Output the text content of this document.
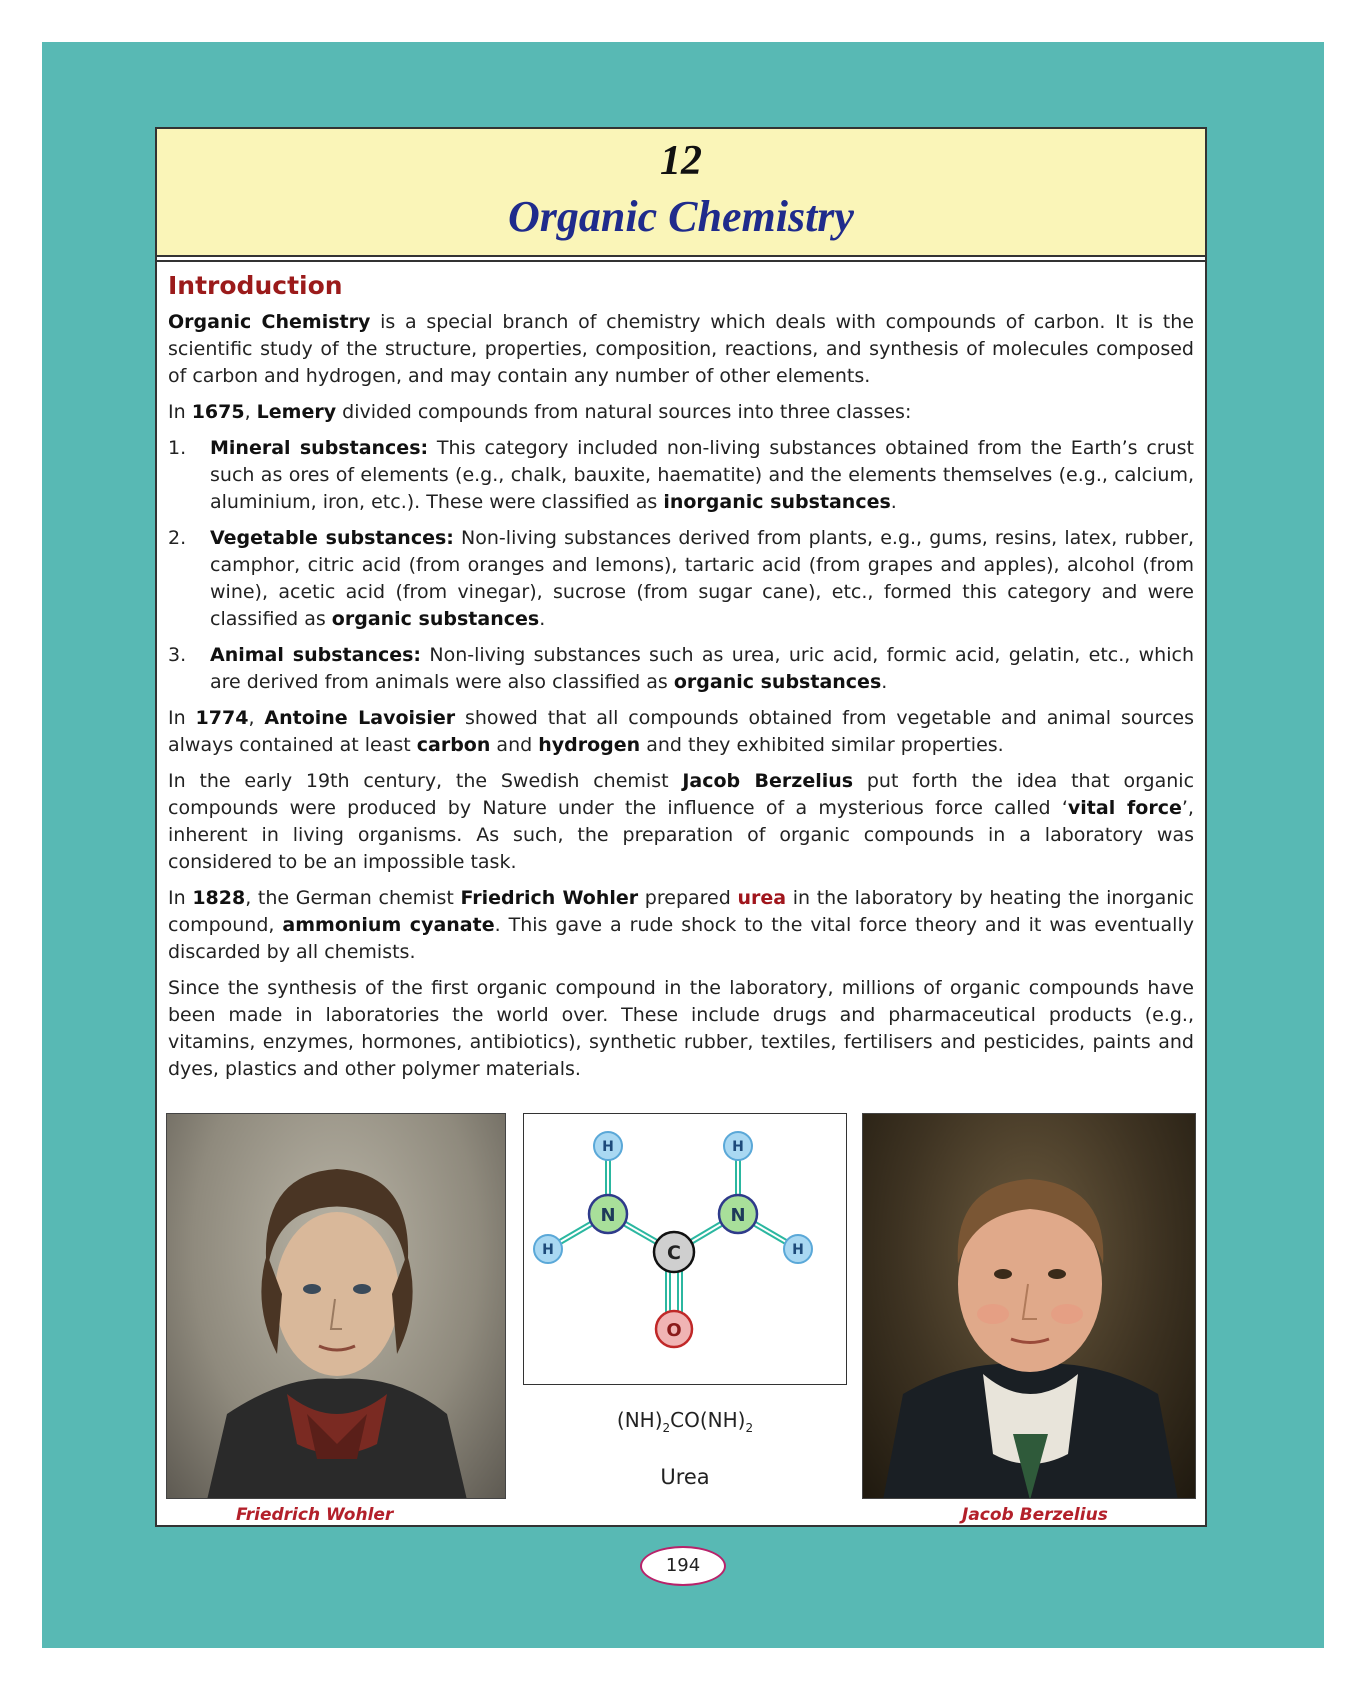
12
Organic Chemistry
Introduction

Organic Chemistry is a special branch of chemistry which deals with compounds of carbon. It is the scientific study of the structure, properties, composition, reactions, and synthesis of molecules composed of carbon and hydrogen, and may contain any number of other elements.

In 1675, Lemery divided compounds from natural sources into three classes:

1.	Mineral substances: This category included non-living substances obtained from the Earth’s crust such as ores of elements (e.g., chalk, bauxite, haematite) and the elements themselves (e.g., calcium, aluminium, iron, etc.). These were classified as inorganic substances.
2.	Vegetable substances: Non-living substances derived from plants, e.g., gums, resins, latex, rubber, camphor, citric acid (from oranges and lemons), tartaric acid (from grapes and apples), alcohol (from wine), acetic acid (from vinegar), sucrose (from sugar cane), etc., formed this category and were classified as organic substances.
3.	Animal substances: Non-living substances such as urea, uric acid, formic acid, gelatin, etc., which are derived from animals were also classified as organic substances.

In 1774, Antoine Lavoisier showed that all compounds obtained from vegetable and animal sources always contained at least carbon and hydrogen and they exhibited similar properties.

In the early 19th century, the Swedish chemist Jacob Berzelius put forth the idea that organic compounds were produced by Nature under the influence of a mysterious force called ‘vital force’, inherent in living organisms. As such, the preparation of organic compounds in a laboratory was considered to be an impossible task.

In 1828, the German chemist Friedrich Wohler prepared urea in the laboratory by heating the inorganic compound, ammonium cyanate. This gave a rude shock to the vital force theory and it was eventually discarded by all chemists.

Since the synthesis of the first organic compound in the laboratory, millions of organic compounds have been made in laboratories the world over. These include drugs and pharmaceutical products (e.g., vitamins, enzymes, hormones, antibiotics), synthetic rubber, textiles, fertilisers and pesticides, paints and dyes, plastics and other polymer materials.

H	H
H	H
N	N
C
O
$(NH)_2CO(NH)_2$
Urea
Friedrich Wohler	Jacob Berzelius
194
